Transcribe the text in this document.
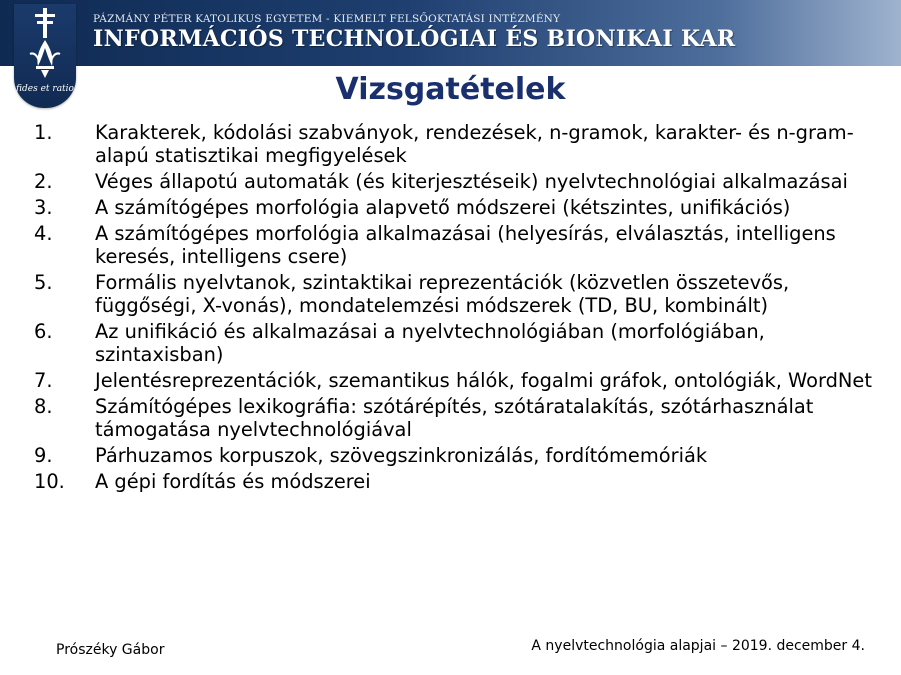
PÁZMÁNY PÉTER KATOLIKUS EGYETEM - KIEMELT FELSŐOKTATÁSI INTÉZMÉNY
INFORMÁCIÓS TECHNOLÓGIAI ÉS BIONIKAI KAR
fides et ratio	Vizsgatételek
1.	Karakterek, kódolási szabványok, rendezések, n-gramok, karakter- és n-gram-alapú statisztikai megfigyelések
2.	Véges állapotú automaták (és kiterjesztéseik) nyelvtechnológiai alkalmazásai
3.	A számítógépes morfológia alapvető módszerei (kétszintes, unifikációs)
4.	A számítógépes morfológia alkalmazásai (helyesírás, elválasztás, intelligens keresés, intelligens csere)
5.	Formális nyelvtanok, szintaktikai reprezentációk (közvetlen összetevős, függőségi, X-vonás), mondatelemzési módszerek (TD, BU, kombinált)
6.	Az unifikáció és alkalmazásai a nyelvtechnológiában (morfológiában, szintaxisban)
7.	Jelentésreprezentációk, szemantikus hálók, fogalmi gráfok, ontológiák, WordNet
8.	Számítógépes lexikográfia: szótárépítés, szótáratalakítás, szótárhasználat támogatása nyelvtechnológiával
9.	Párhuzamos korpuszok, szövegszinkronizálás, fordítómemóriák
10.	A gépi fordítás és módszerei
Prószéky Gábor	A nyelvtechnológia alapjai – 2019. december 4.
